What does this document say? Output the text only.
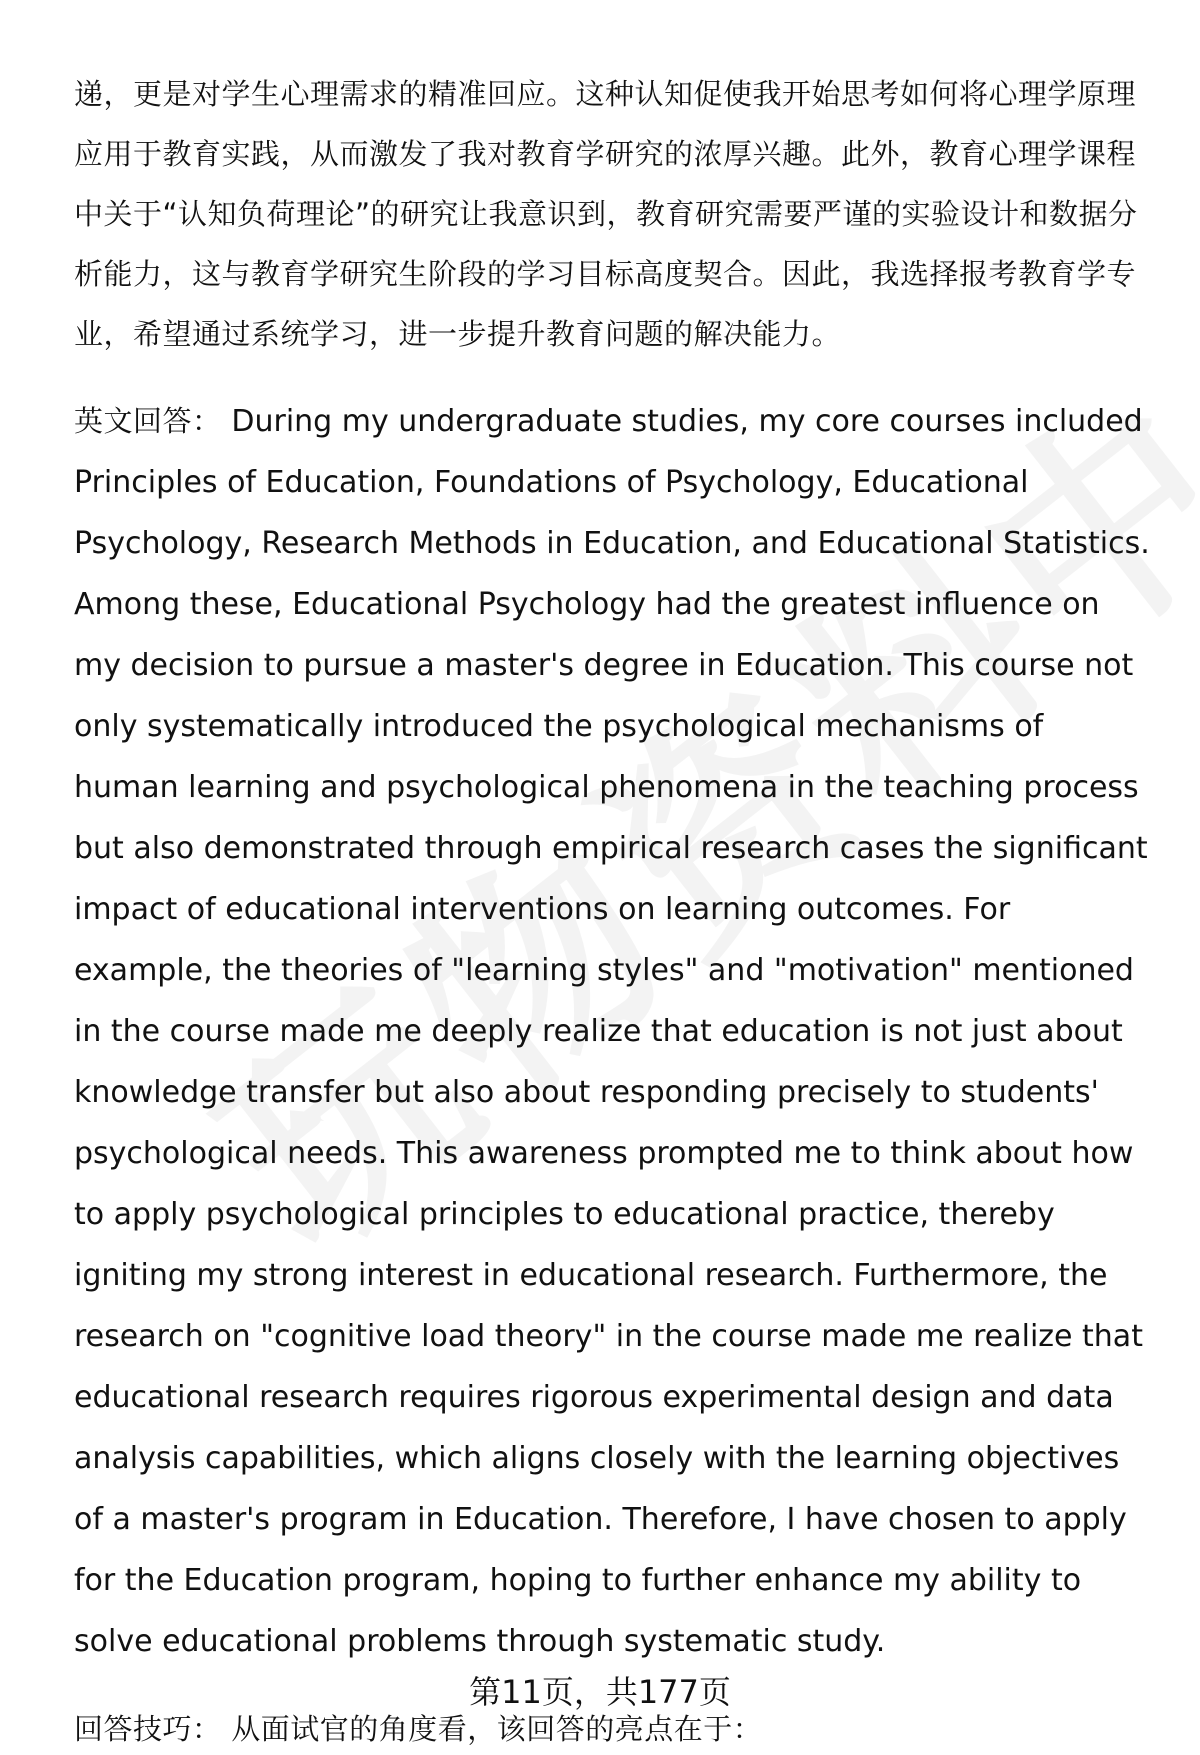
递，更是对学生心理需求的精准回应。这种认知促使我开始思考如何将心理学原理应用于教育实践，从而激发了我对教育学研究的浓厚兴趣。此外，教育心理学课程中关于“认知负荷理论”的研究让我意识到，教育研究需要严谨的实验设计和数据分析能力，这与教育学研究生阶段的学习目标高度契合。因此，我选择报考教育学专业，希望通过系统学习，进一步提升教育问题的解决能力。

英文回答： During my undergraduate studies, my core courses included Principles of Education, Foundations of Psychology, Educational Psychology, Research Methods in Education, and Educational Statistics. Among these, Educational Psychology had the greatest influence on my decision to pursue a master's degree in Education. This course not only systematically introduced the psychological mechanisms of human learning and psychological phenomena in the teaching process but also demonstrated through empirical research cases the significant impact of educational interventions on learning outcomes. For example, the theories of "learning styles" and "motivation" mentioned in the course made me deeply realize that education is not just about knowledge transfer but also about responding precisely to students' psychological needs. This awareness prompted me to think about how to apply psychological principles to educational practice, thereby igniting my strong interest in educational research. Furthermore, the research on "cognitive load theory" in the course made me realize that educational research requires rigorous experimental design and data analysis capabilities, which aligns closely with the learning objectives of a master's program in Education. Therefore, I have chosen to apply for the Education program, hoping to further enhance my ability to solve educational problems through systematic study.

回答技巧： 从面试官的角度看，该回答的亮点在于：

第11页，共177页
